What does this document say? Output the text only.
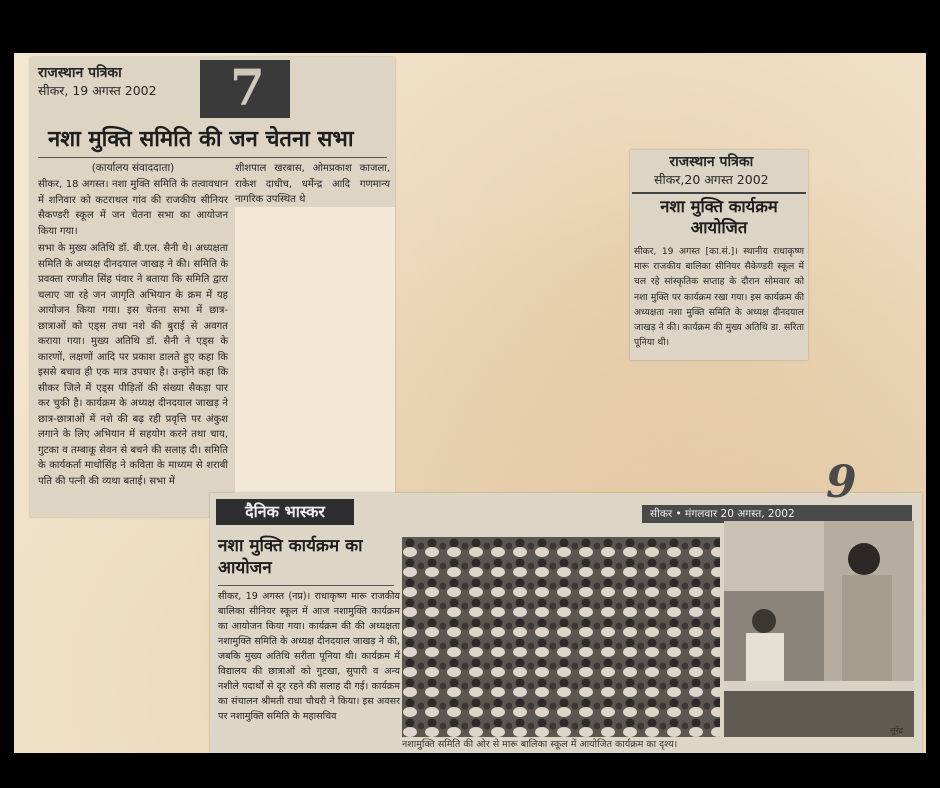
राजस्थान पत्रिका
सीकर, 19 अगस्त 2002 7
नशा मुक्ति समिति की जन चेतना सभा
(कार्यालय संवाददाता)

सीकर, 18 अगस्त। नशा मुक्ति समिति के तत्वावधान में शनिवार को कटराथल गांव की राजकीय सीनियर सैकण्डरी स्कूल में जन चेतना सभा का आयोजन किया गया।

सभा के मुख्य अतिथि डॉ. बी.एल. सैनी थे। अध्यक्षता समिति के अध्यक्ष दीनदयाल जाखड़ ने की। समिति के प्रवक्ता रणजीत सिंह पंवार ने बताया कि समिति द्वारा चलाए जा रहे जन जागृति अभियान के क्रम में यह आयोजन किया गया। इस चेतना सभा में छात्र-छात्राओं को एड्स तथा नशे की बुराई से अवगत कराया गया। मुख्य अतिथि डॉ. सैनी ने एड्स के कारणों, लक्षणों आदि पर प्रकाश डालते हुए कहा कि इससे बचाव ही एक मात्र उपचार है। उन्होंने कहा कि सीकर जिले में एड्स पीड़ितों की संख्या सैकड़ा पार कर चुकी है। कार्यक्रम के अध्यक्ष दीनदयाल जाखड़ ने छात्र-छात्राओं में नशे की बढ़ रही प्रवृत्ति पर अंकुश लगाने के लिए अभियान में सहयोग करने तथा चाय, गुटका व तम्बाकू सेवन से बचने की सलाह दी। समिति के कार्यकर्ता माधोसिंह ने कविता के माध्यम से शराबी पति की पत्नी की व्यथा बताई। सभा में

शीशपाल खरबास, ओमप्रकाश काजला, राकेश दाधीच, धर्मेन्द्र आदि गणमान्य नागरिक उपस्थित थे

राजस्थान पत्रिका
सीकर,20 अगस्त 2002
नशा मुक्ति कार्यक्रम आयोजित

सीकर, 19 अगस्त [का.सं.]। स्थानीय राधाकृष्ण मारू राजकीय बालिका सीनियर सैकेण्डरी स्कूल में चल रहे सांस्कृतिक सप्ताह के दौरान सोमवार को नशा मुक्ति पर कार्यक्रम रखा गया। इस कार्यक्रम की अध्यक्षता नशा मुक्ति समिति के अध्यक्ष दीनदयाल जाखड़ ने की। कार्यक्रम की मुख्य अतिथि डा. सरिता पूनिया थी।

दैनिक भास्कर	सीकर • मंगलवार 20 अगस्त, 2002
9
नशा मुक्ति कार्यक्रम का आयोजन

सीकर, 19 अगस्त (नप्र)। राधाकृष्ण मारू राजकीय बालिका सीनियर स्कूल में आज नशामुक्ति कार्यक्रम का आयोजन किया गया। कार्यक्रम की की अध्यक्षता नशामुक्ति समिति के अध्यक्ष दीनदयाल जाखड़ ने की, जबकि मुख्य अतिथि सरीता पूनिया थी। कार्यक्रम में विद्यालय की छात्राओं को गुटखा, सुपारी व अन्य नशीले पदार्थों से दूर रहने की सलाह दी गई। कार्यक्रम का संचालन श्रीमती राधा चौधरी ने किया। इस अवसर पर नशामुक्ति समिति के महासचिव

नशामुक्ति समिति की ओर से मारू बालिका स्कूल में आयोजित कार्यक्रम का दृश्य।
सुरेंद्र
